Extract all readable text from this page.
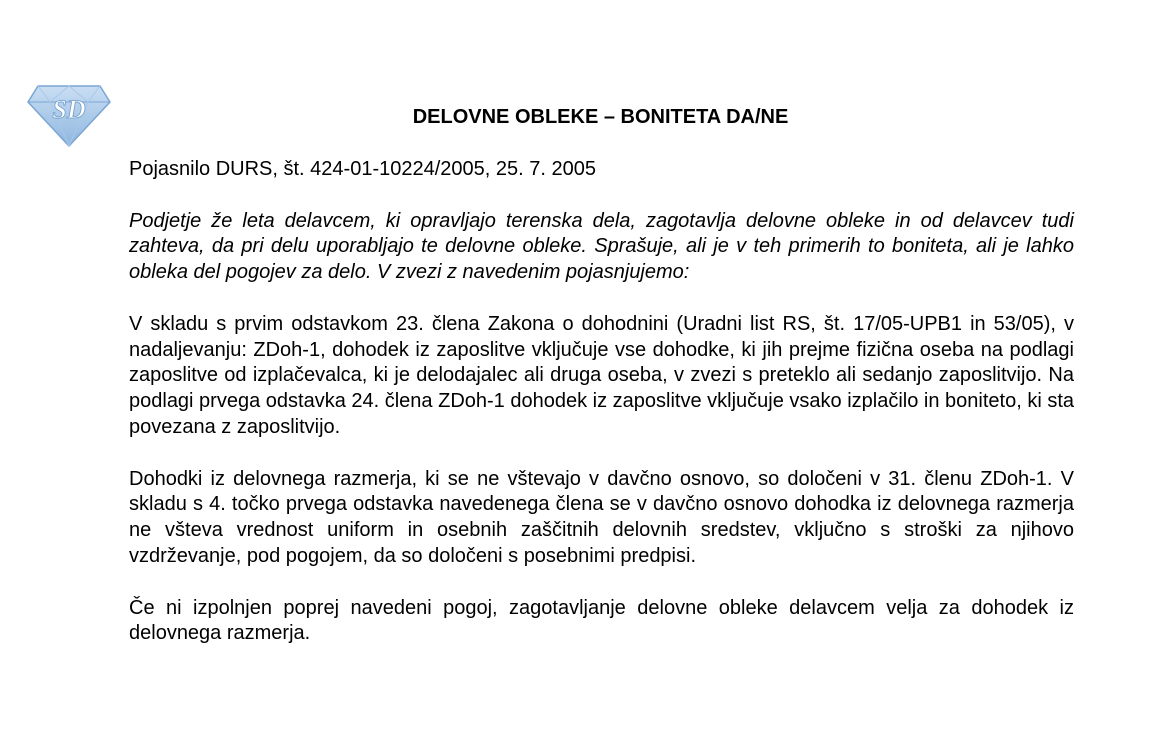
SD	DELOVNE OBLEKE – BONITETA DA/NE

Pojasnilo DURS, št. 424-01-10224/2005, 25. 7. 2005

Podjetje že leta delavcem, ki opravljajo terenska dela, zagotavlja delovne obleke in od delavcev tudi zahteva, da pri delu uporabljajo te delovne obleke. Sprašuje, ali je v teh primerih to boniteta, ali je lahko obleka del pogojev za delo. V zvezi z navedenim pojasnjujemo:

V skladu s prvim odstavkom 23. člena Zakona o dohodnini (Uradni list RS, št. 17/05-UPB1 in 53/05), v nadaljevanju: ZDoh-1, dohodek iz zaposlitve vključuje vse dohodke, ki jih prejme fizična oseba na podlagi zaposlitve od izplačevalca, ki je delodajalec ali druga oseba, v zvezi s preteklo ali sedanjo zaposlitvijo. Na podlagi prvega odstavka 24. člena ZDoh-1 dohodek iz zaposlitve vključuje vsako izplačilo in boniteto, ki sta povezana z zaposlitvijo.

Dohodki iz delovnega razmerja, ki se ne vštevajo v davčno osnovo, so določeni v 31. členu ZDoh-1. V skladu s 4. točko prvega odstavka navedenega člena se v davčno osnovo dohodka iz delovnega razmerja ne všteva vrednost uniform in osebnih zaščitnih delovnih sredstev, vključno s stroški za njihovo vzdrževanje, pod pogojem, da so določeni s posebnimi predpisi.

Če ni izpolnjen poprej navedeni pogoj, zagotavljanje delovne obleke delavcem velja za dohodek iz delovnega razmerja.
